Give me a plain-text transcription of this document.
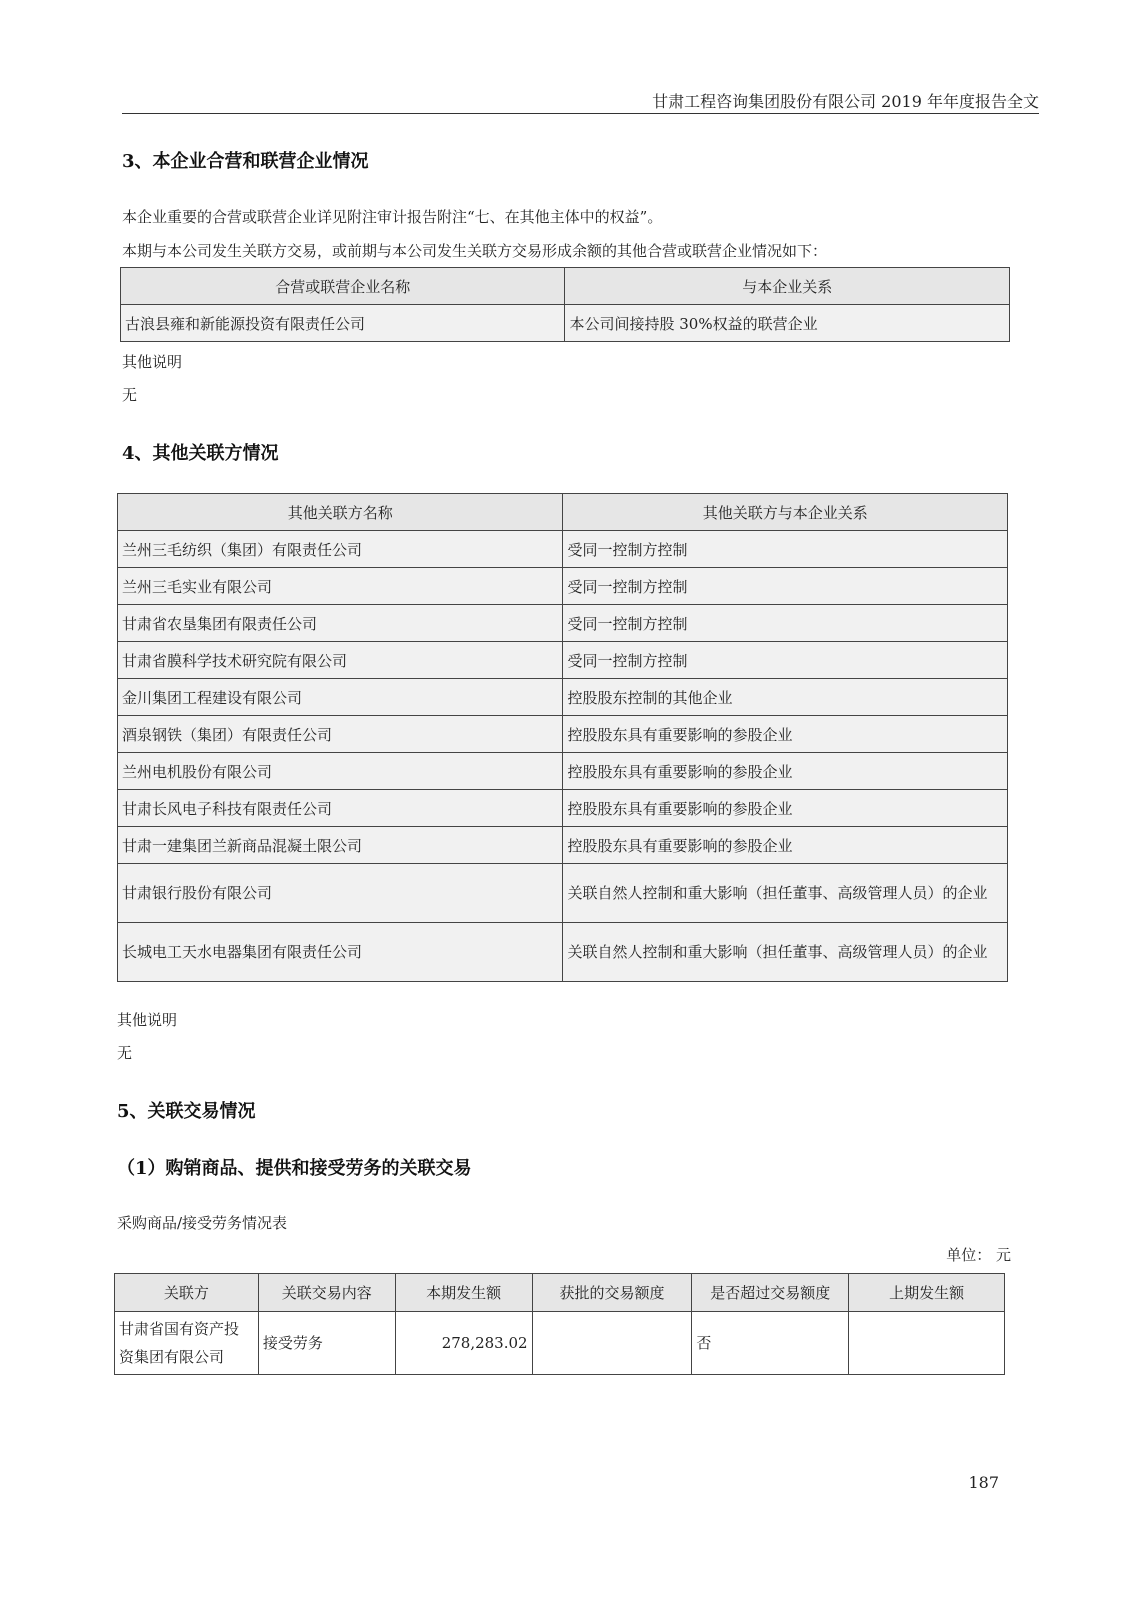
甘肃工程咨询集团股份有限公司 2019 年年度报告全文
3、本企业合营和联营企业情况
本企业重要的合营或联营企业详见附注审计报告附注“七、在其他主体中的权益”。
本期与本公司发生关联方交易，或前期与本公司发生关联方交易形成余额的其他合营或联营企业情况如下：
合营或联营企业名称	与本企业关系
古浪县雍和新能源投资有限责任公司	本公司间接持股 30%权益的联营企业
其他说明
无
4、其他关联方情况
其他关联方名称	其他关联方与本企业关系
兰州三毛纺织（集团）有限责任公司	受同一控制方控制
兰州三毛实业有限公司	受同一控制方控制
甘肃省农垦集团有限责任公司	受同一控制方控制
甘肃省膜科学技术研究院有限公司	受同一控制方控制
金川集团工程建设有限公司	控股股东控制的其他企业
酒泉钢铁（集团）有限责任公司	控股股东具有重要影响的参股企业
兰州电机股份有限公司	控股股东具有重要影响的参股企业
甘肃长风电子科技有限责任公司	控股股东具有重要影响的参股企业
甘肃一建集团兰新商品混凝土限公司	控股股东具有重要影响的参股企业
甘肃银行股份有限公司	关联自然人控制和重大影响（担任董事、高级管理人员）的企业
长城电工天水电器集团有限责任公司	关联自然人控制和重大影响（担任董事、高级管理人员）的企业
其他说明
无
5、关联交易情况
（1）购销商品、提供和接受劳务的关联交易
采购商品/接受劳务情况表
单位： 元
关联方	关联交易内容	本期发生额	获批的交易额度	是否超过交易额度	上期发生额
甘肃省国有资产投资集团有限公司	接受劳务	278,283.02		否	
187
